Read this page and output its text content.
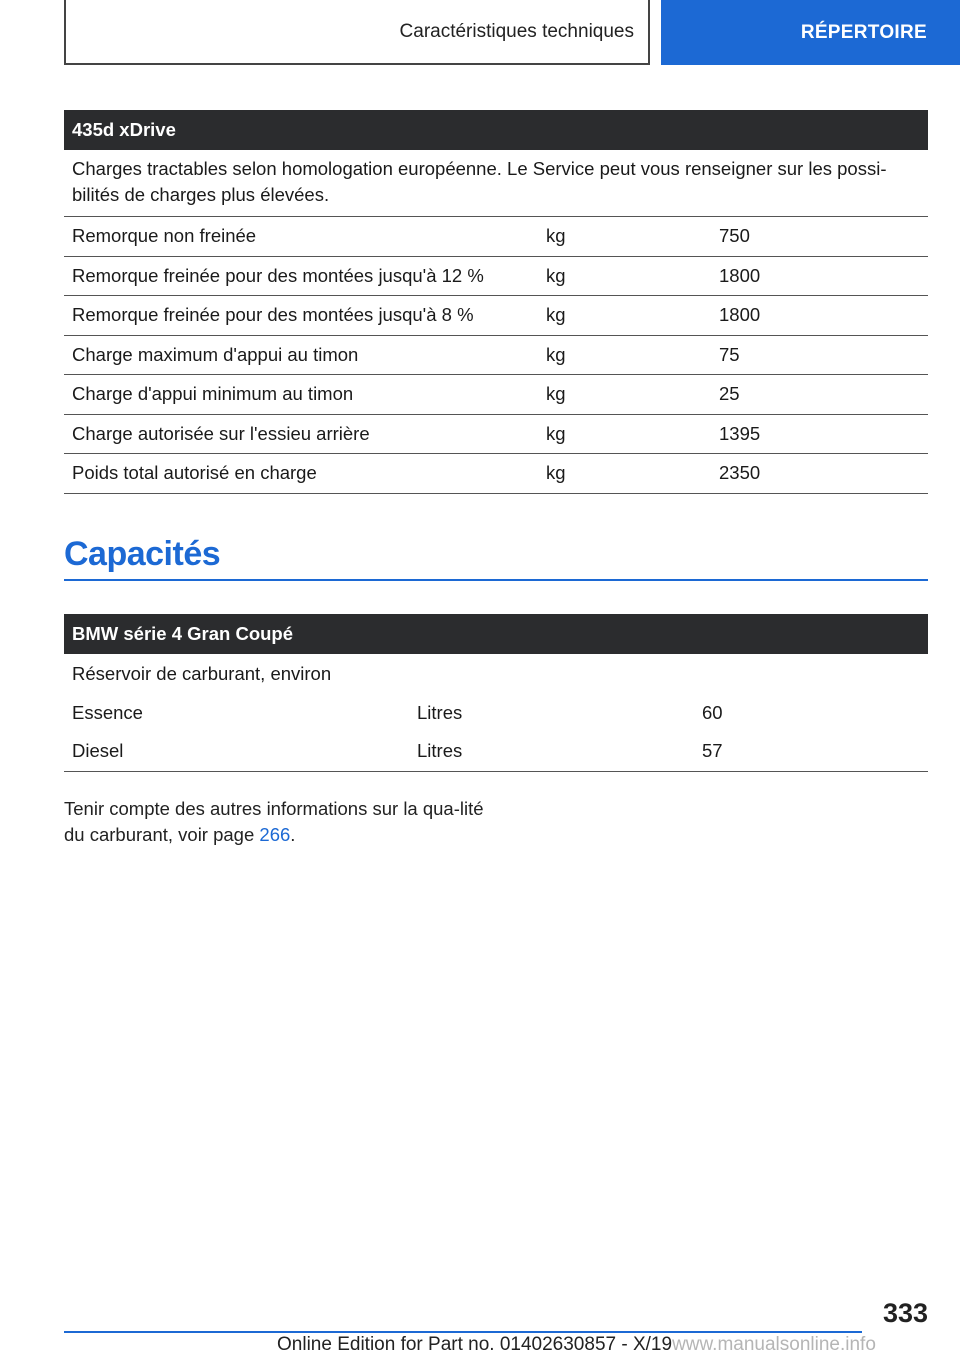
Caractéristiques techniques	RÉPERTOIRE
435d xDrive		
Charges tractables selon homologation européenne. Le Service peut vous renseigner sur les possi-bilités de charges plus élevées.		
Remorque non freinée	kg	750
Remorque freinée pour des montées jusqu'à 12 %	kg	1800
Remorque freinée pour des montées jusqu'à 8 %	kg	1800
Charge maximum d'appui au timon	kg	75
Charge d'appui minimum au timon	kg	25
Charge autorisée sur l'essieu arrière	kg	1395
Poids total autorisé en charge	kg	2350
Capacités
BMW série 4 Gran Coupé		
Réservoir de carburant, environ		
Essence	Litres	60
Diesel	Litres	57

Tenir compte des autres informations sur la qua-lité du carburant, voir page 266.

333
Online Edition for Part no. 01402630857 - X/19www.manualsonline.info
